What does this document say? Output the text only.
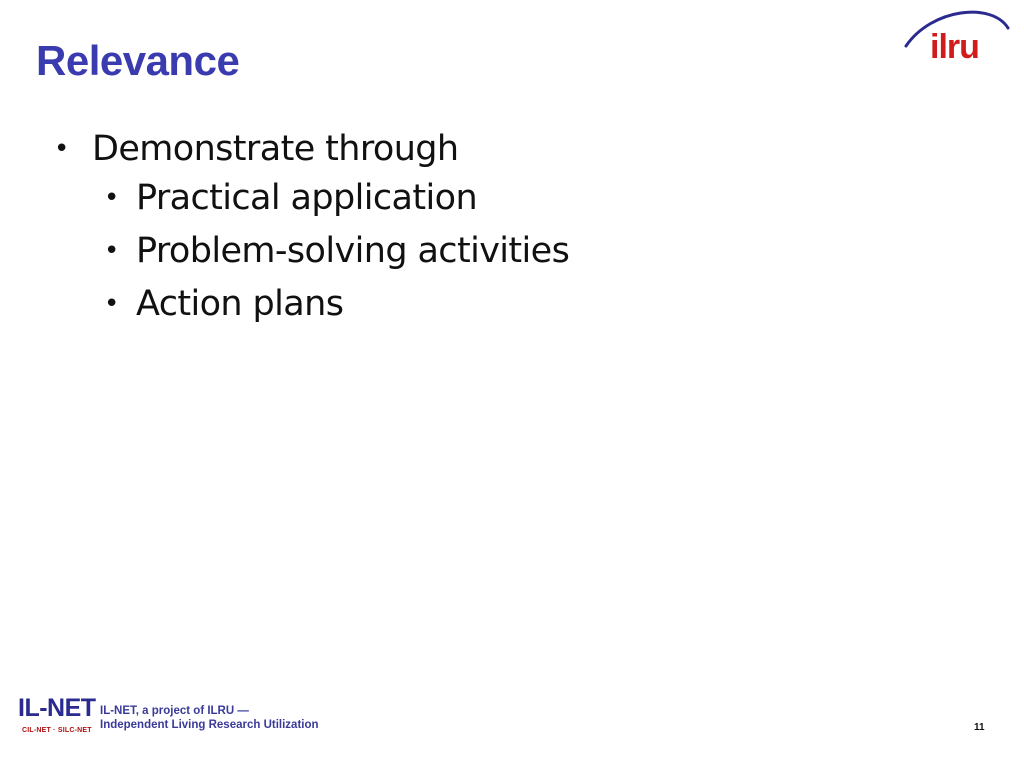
Relevance	ilru
• Demonstrate through
• Practical application
• Problem-solving activities
• Action plans
IL-NET
CIL-NET · SILC-NET
IL-NET, a project of ILRU —
Independent Living Research Utilization	11
